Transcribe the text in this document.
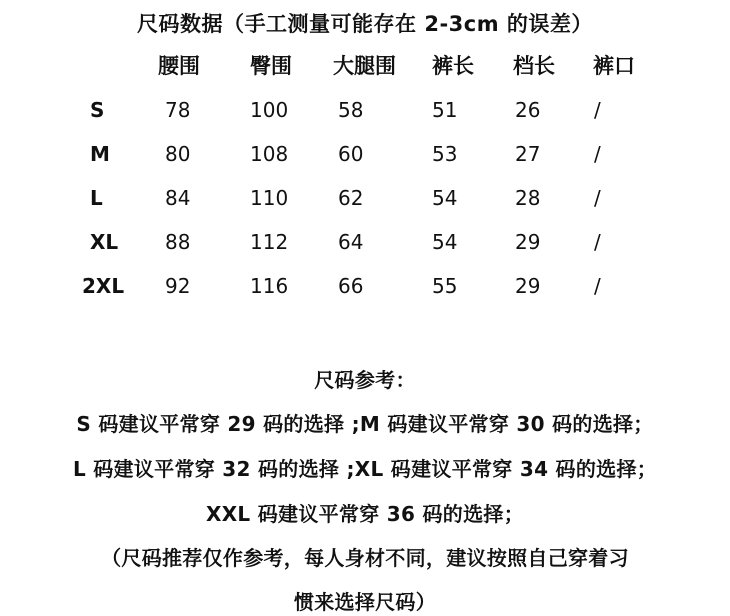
尺码数据（手工测量可能存在 2-3cm 的误差）
腰围 臀围 大腿围 裤长 档长 裤口
S	78	100 58	51	26	/
M	80	108 60	53	27	/
L	84	110 62	54	28	/
XL 88	112 64	54	29	/
2XL 92	116 66	55	29	/
尺码参考：
S 码建议平常穿 29 码的选择 ;M 码建议平常穿 30 码的选择；
L 码建议平常穿 32 码的选择 ;XL 码建议平常穿 34 码的选择；
XXL 码建议平常穿 36 码的选择；
（尺码推荐仅作参考，每人身材不同，建议按照自己穿着习
惯来选择尺码）
